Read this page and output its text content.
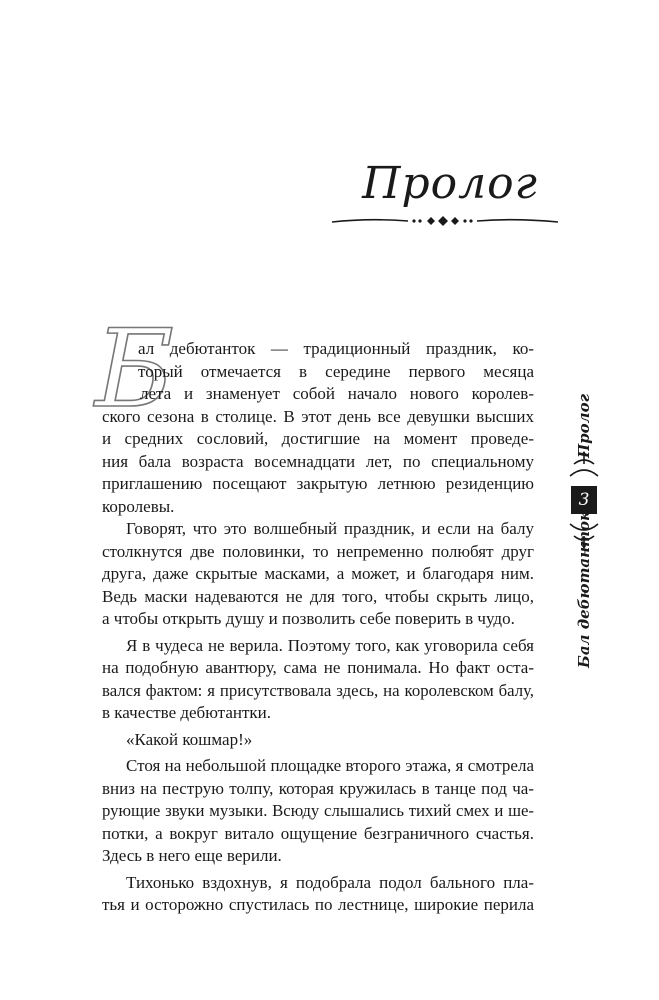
Пролог
Б
ал дебютанток — традиционный праздник, ко-
торый отмечается в середине первого месяца
лета и знаменует собой начало нового королев-
ского сезона в столице. В этот день все девушки высших
и средних сословий, достигшие на момент проведе-
ния бала возраста восемнадцати лет, по специальному
приглашению посещают закрытую летнюю резиденцию
королевы.
Говорят, что это волшебный праздник, и если на балу
столкнутся две половинки, то непременно полюбят друг
друга, даже скрытые масками, а может, и благодаря ним.
Ведь маски надеваются не для того, чтобы скрыть лицо,
а чтобы открыть душу и позволить себе поверить в чудо.
Я в чудеса не верила. Поэтому того, как уговорила себя
на подобную авантюру, сама не понимала. Но факт оста-
вался фактом: я присутствовала здесь, на королевском балу,
в качестве дебютантки.
«Какой кошмар!»
Стоя на небольшой площадке второго этажа, я смотрела
вниз на пеструю толпу, которая кружилась в танце под ча-
рующие звуки музыки. Всюду слышались тихий смех и ше-
потки, а вокруг витало ощущение безграничного счастья.
Здесь в него еще верили.
Тихонько вздохнув, я подобрала подол бального пла-
тья и осторожно спустилась по лестнице, широкие перила
3
Пролог
Бал дебютанток
